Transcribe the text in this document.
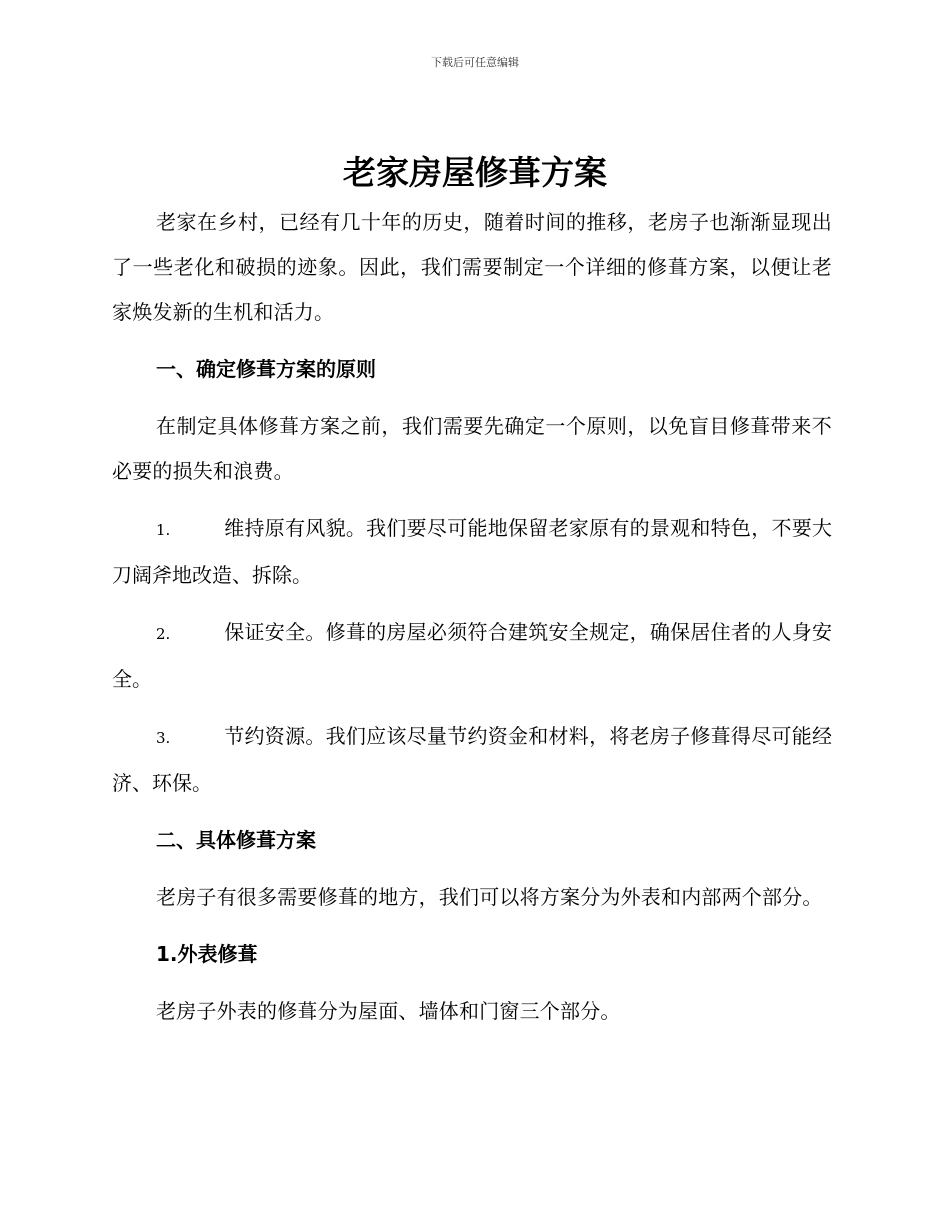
下载后可任意编辑
老家房屋修葺方案

老家在乡村，已经有几十年的历史，随着时间的推移，老房子也渐渐显现出了一些老化和破损的迹象。因此，我们需要制定一个详细的修葺方案，以便让老家焕发新的生机和活力。

一、确定修葺方案的原则

在制定具体修葺方案之前，我们需要先确定一个原则，以免盲目修葺带来不必要的损失和浪费。

1.	维持原有风貌。我们要尽可能地保留老家原有的景观和特色，不要大刀阔斧地改造、拆除。

2.	保证安全。修葺的房屋必须符合建筑安全规定，确保居住者的人身安全。

3.	节约资源。我们应该尽量节约资金和材料，将老房子修葺得尽可能经济、环保。

二、具体修葺方案

老房子有很多需要修葺的地方，我们可以将方案分为外表和内部两个部分。

1.外表修葺

老房子外表的修葺分为屋面、墙体和门窗三个部分。
